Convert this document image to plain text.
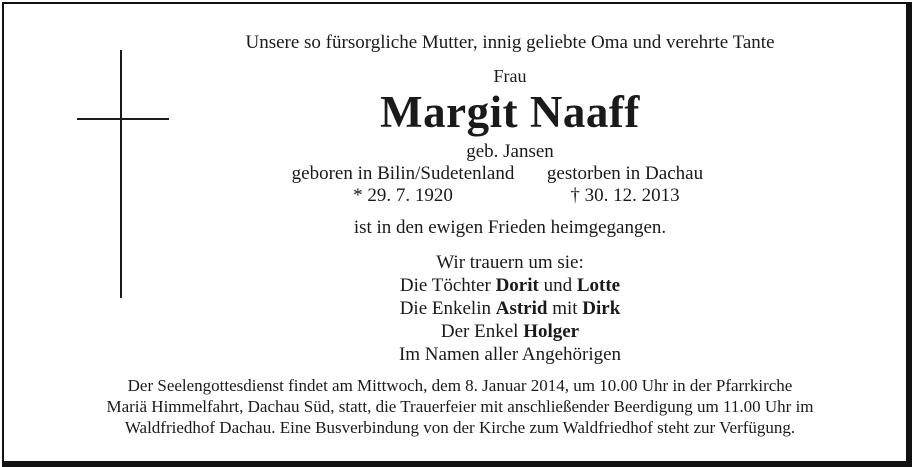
Unsere so fürsorgliche Mutter, innig geliebte Oma und verehrte Tante
Frau
Margit Naaff
geb. Jansen
geboren in Bilin/Sudetenland	gestorben in Dachau
* 29. 7. 1920	† 30. 12. 2013
ist in den ewigen Frieden heimgegangen.
Wir trauern um sie:
Die Töchter Dorit und Lotte
Die Enkelin Astrid mit Dirk
Der Enkel Holger
Im Namen aller Angehörigen
Der Seelengottesdienst findet am Mittwoch, dem 8. Januar 2014, um 10.00 Uhr in der Pfarrkirche
Mariä Himmelfahrt, Dachau Süd, statt, die Trauerfeier mit anschließender Beerdigung um 11.00 Uhr im
Waldfriedhof Dachau. Eine Busverbindung von der Kirche zum Waldfriedhof steht zur Verfügung.
